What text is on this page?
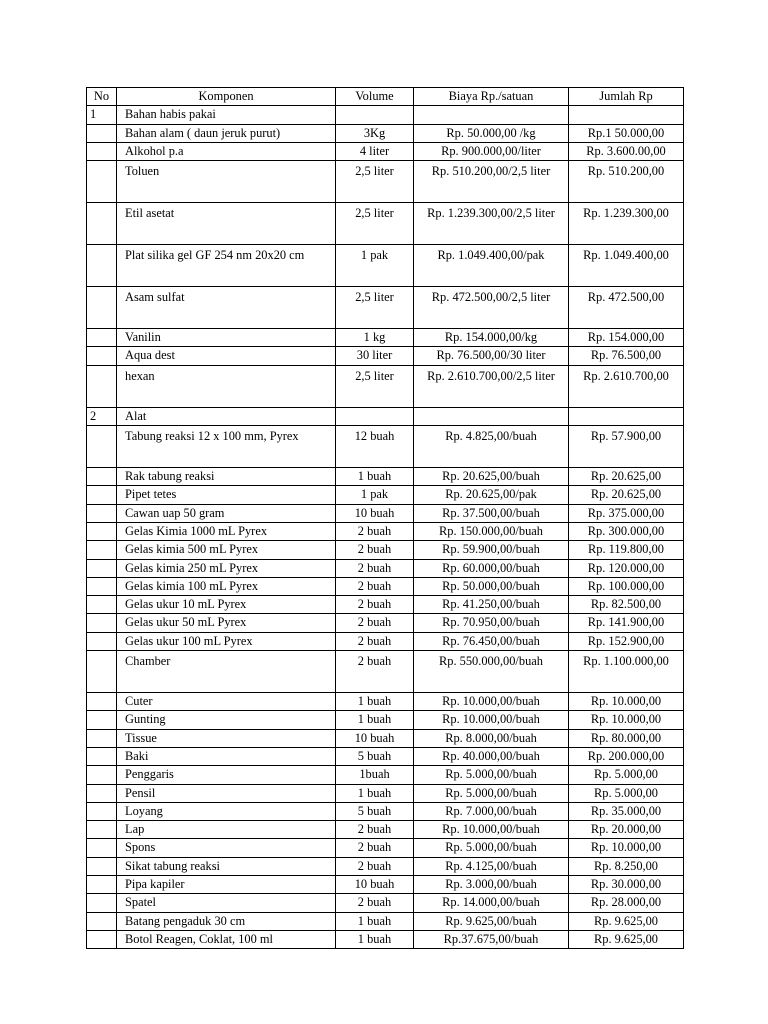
No	Komponen	Volume	Biaya Rp./satuan	Jumlah Rp
1	Bahan habis pakai			
	Bahan alam ( daun jeruk purut)	3Kg	Rp. 50.000,00 /kg	Rp.1 50.000,00
	Alkohol p.a	4 liter	Rp. 900.000,00/liter	Rp. 3.600.00,00
	Toluen	2,5 liter	Rp. 510.200,00/2,5 liter	Rp. 510.200,00
	Etil asetat	2,5 liter	Rp. 1.239.300,00/2,5 liter	Rp. 1.239.300,00
	Plat silika gel GF 254 nm 20x20 cm	1 pak	Rp. 1.049.400,00/pak	Rp. 1.049.400,00
	Asam sulfat	2,5 liter	Rp. 472.500,00/2,5 liter	Rp. 472.500,00
	Vanilin	1 kg	Rp. 154.000,00/kg	Rp. 154.000,00
	Aqua dest	30 liter	Rp. 76.500,00/30 liter	Rp. 76.500,00
	hexan	2,5 liter	Rp. 2.610.700,00/2,5 liter	Rp. 2.610.700,00
2	Alat			
	Tabung reaksi 12 x 100 mm, Pyrex	12 buah	Rp. 4.825,00/buah	Rp. 57.900,00
	Rak tabung reaksi	1 buah	Rp. 20.625,00/buah	Rp. 20.625,00
	Pipet tetes	1 pak	Rp. 20.625,00/pak	Rp. 20.625,00
	Cawan uap 50 gram	10 buah	Rp. 37.500,00/buah	Rp. 375.000,00
	Gelas Kimia 1000 mL Pyrex	2 buah	Rp. 150.000,00/buah	Rp. 300.000,00
	Gelas kimia 500 mL Pyrex	2 buah	Rp. 59.900,00/buah	Rp. 119.800,00
	Gelas kimia 250 mL Pyrex	2 buah	Rp. 60.000,00/buah	Rp. 120.000,00
	Gelas kimia 100 mL Pyrex	2 buah	Rp. 50.000,00/buah	Rp. 100.000,00
	Gelas ukur 10 mL Pyrex	2 buah	Rp. 41.250,00/buah	Rp. 82.500,00
	Gelas ukur 50 mL Pyrex	2 buah	Rp. 70.950,00/buah	Rp. 141.900,00
	Gelas ukur 100 mL Pyrex	2 buah	Rp. 76.450,00/buah	Rp. 152.900,00
	Chamber	2 buah	Rp. 550.000,00/buah	Rp. 1.100.000,00
	Cuter	1 buah	Rp. 10.000,00/buah	Rp. 10.000,00
	Gunting	1 buah	Rp. 10.000,00/buah	Rp. 10.000,00
	Tissue	10 buah	Rp. 8.000,00/buah	Rp. 80.000,00
	Baki	5 buah	Rp. 40.000,00/buah	Rp. 200.000,00
	Penggaris	1buah	Rp. 5.000,00/buah	Rp. 5.000,00
	Pensil	1 buah	Rp. 5.000,00/buah	Rp. 5.000,00
	Loyang	5 buah	Rp. 7.000,00/buah	Rp. 35.000,00
	Lap	2 buah	Rp. 10.000,00/buah	Rp. 20.000,00
	Spons	2 buah	Rp. 5.000,00/buah	Rp. 10.000,00
	Sikat tabung reaksi	2 buah	Rp. 4.125,00/buah	Rp. 8.250,00
	Pipa kapiler	10 buah	Rp. 3.000,00/buah	Rp. 30.000,00
	Spatel	2 buah	Rp. 14.000,00/buah	Rp. 28.000,00
	Batang pengaduk 30 cm	1 buah	Rp. 9.625,00/buah	Rp. 9.625,00
	Botol Reagen, Coklat, 100 ml	1 buah	Rp.37.675,00/buah	Rp. 9.625,00
